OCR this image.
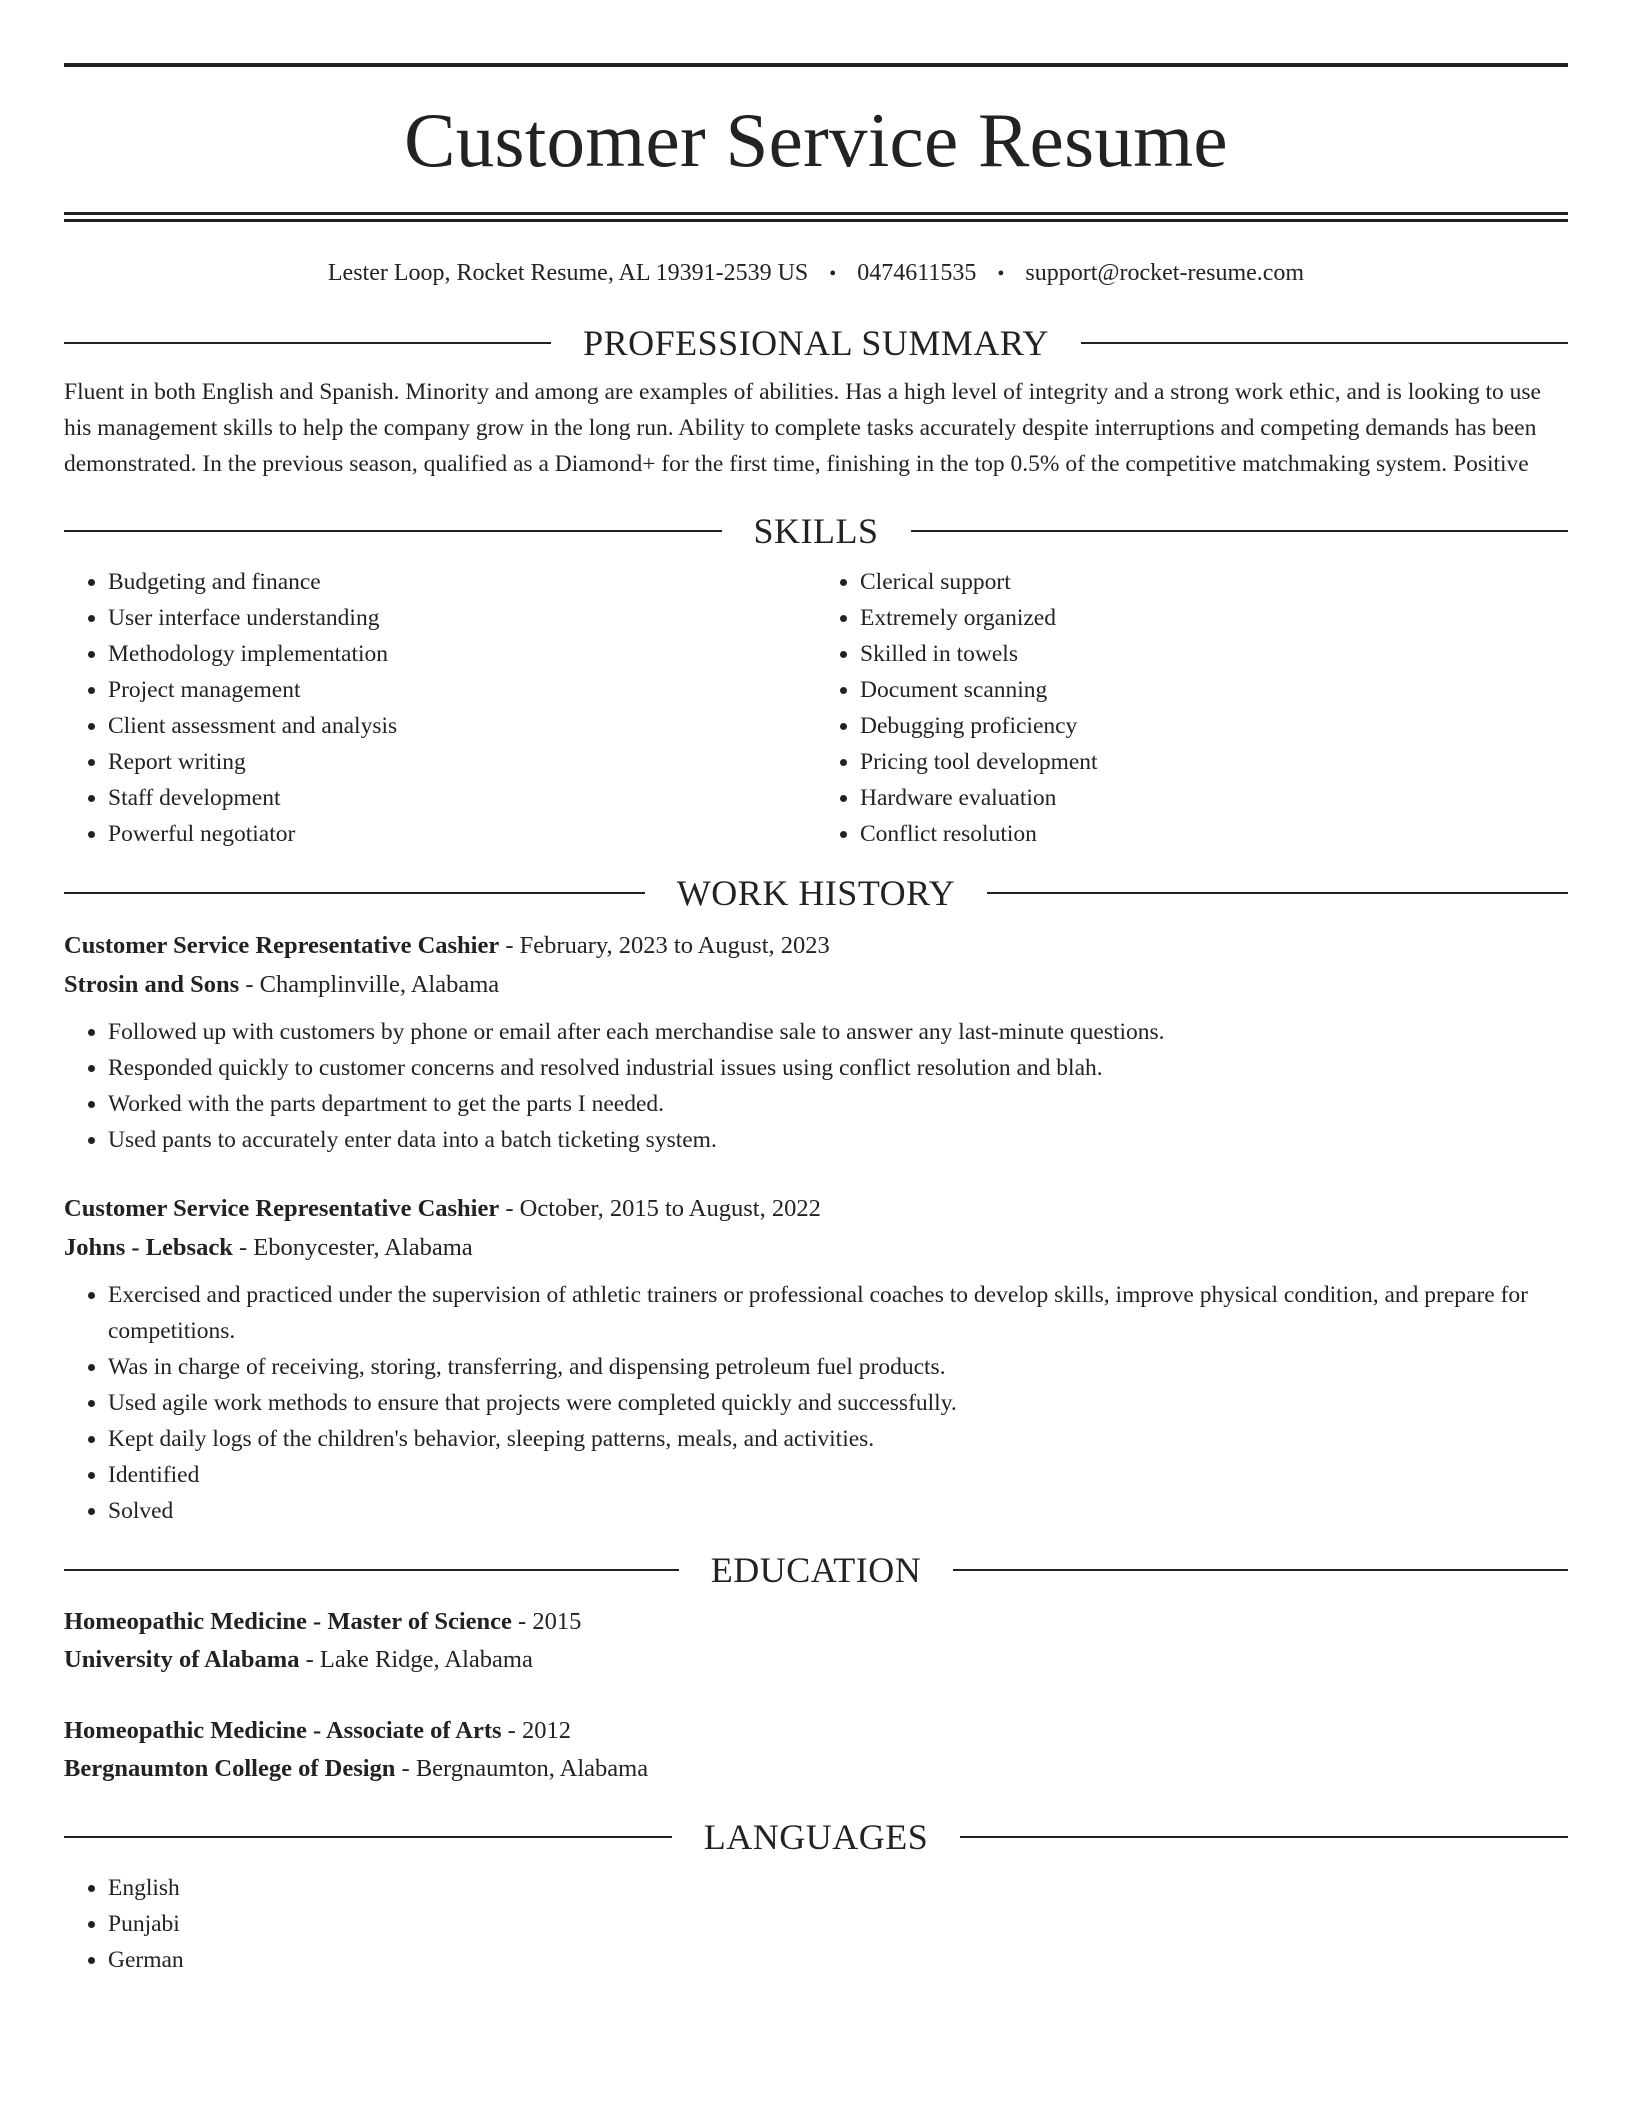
Customer Service Resume
Lester Loop, Rocket Resume, AL 19391-2539 US • 0474611535 • support@rocket-resume.com
PROFESSIONAL SUMMARY

Fluent in both English and Spanish. Minority and among are examples of abilities. Has a high level of integrity and a strong work ethic, and is looking to use his management skills to help the company grow in the long run. Ability to complete tasks accurately despite interruptions and competing demands has been demonstrated. In the previous season, qualified as a Diamond+ for the first time, finishing in the top 0.5% of the competitive matchmaking system. Positive

SKILLS
• Budgeting and finance
• User interface understanding
• Methodology implementation
• Project management
• Client assessment and analysis
• Report writing
• Staff development
• Powerful negotiator
• Clerical support
• Extremely organized
• Skilled in towels
• Document scanning
• Debugging proficiency
• Pricing tool development
• Hardware evaluation
• Conflict resolution
WORK HISTORY
Customer Service Representative Cashier - February, 2023 to August, 2023
Strosin and Sons - Champlinville, Alabama
• Followed up with customers by phone or email after each merchandise sale to answer any last-minute questions.
• Responded quickly to customer concerns and resolved industrial issues using conflict resolution and blah.
• Worked with the parts department to get the parts I needed.
• Used pants to accurately enter data into a batch ticketing system.
Customer Service Representative Cashier - October, 2015 to August, 2022
Johns - Lebsack - Ebonycester, Alabama
• Exercised and practiced under the supervision of athletic trainers or professional coaches to develop skills, improve physical condition, and prepare for competitions.
• Was in charge of receiving, storing, transferring, and dispensing petroleum fuel products.
• Used agile work methods to ensure that projects were completed quickly and successfully.
• Kept daily logs of the children's behavior, sleeping patterns, meals, and activities.
• Identified
• Solved
EDUCATION
Homeopathic Medicine - Master of Science - 2015
University of Alabama - Lake Ridge, Alabama
Homeopathic Medicine - Associate of Arts - 2012
Bergnaumton College of Design - Bergnaumton, Alabama
LANGUAGES
• English
• Punjabi
• German
